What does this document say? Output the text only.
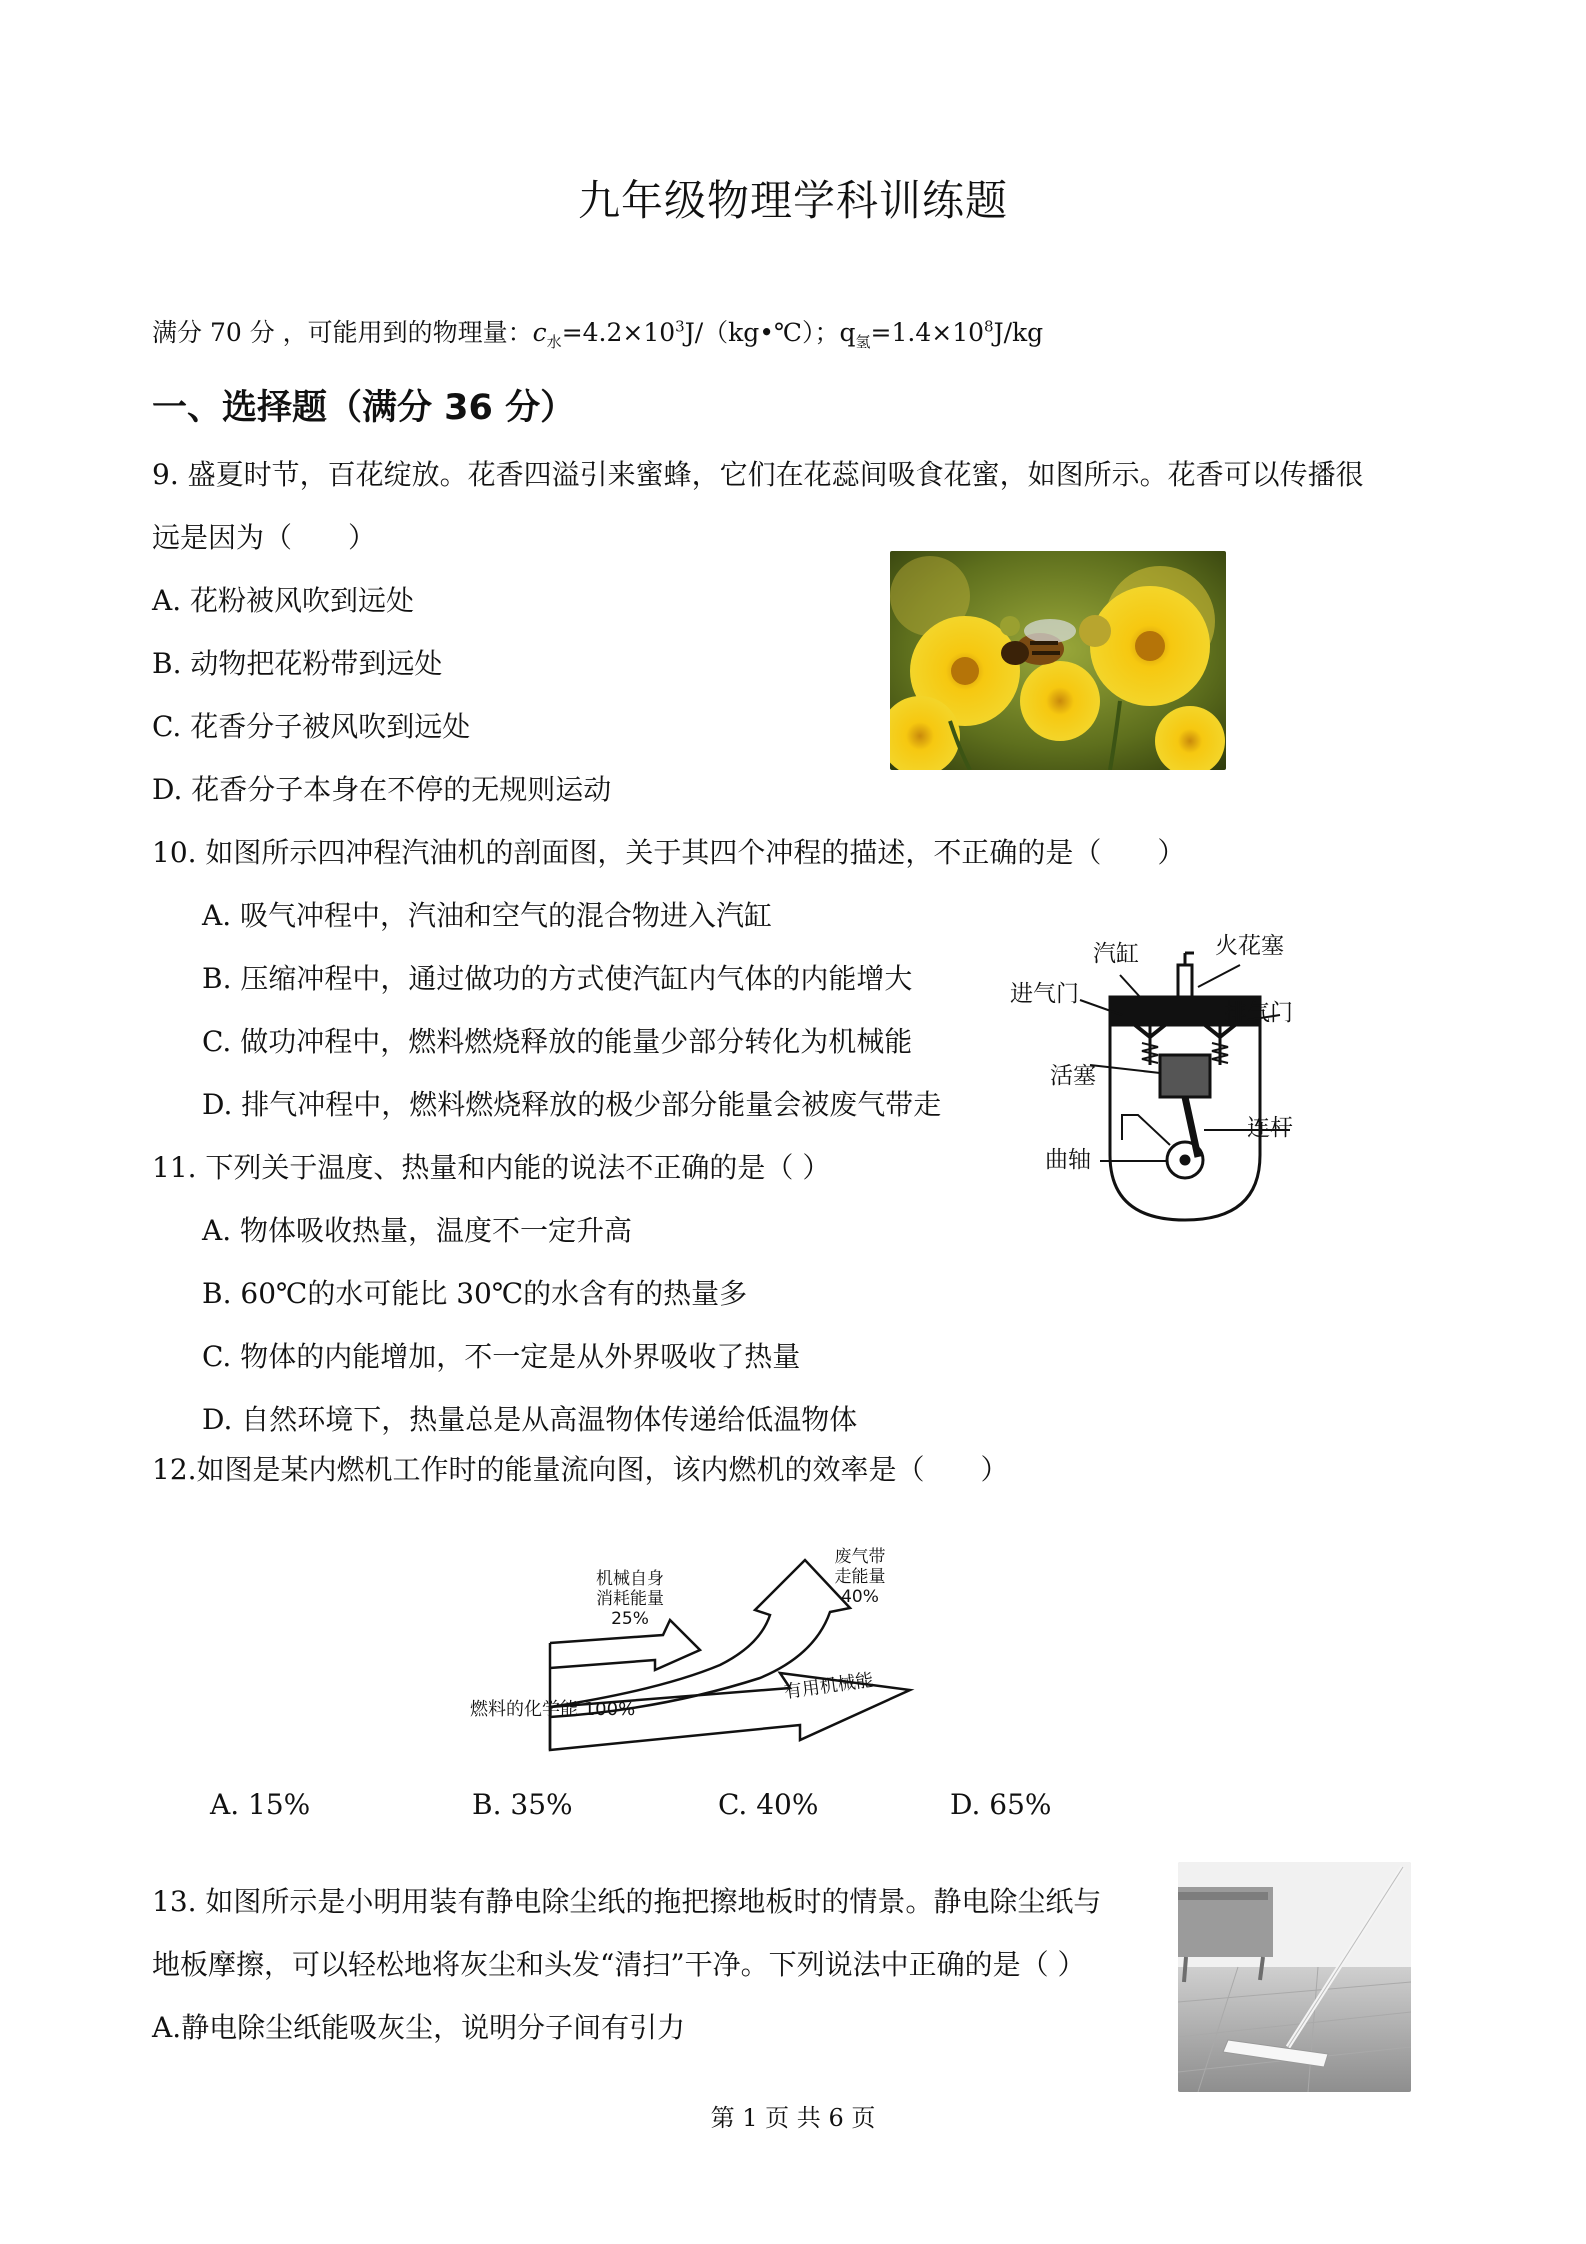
九年级物理学科训练题
满分 70 分 ，可能用到的物理量：$c_水=4.2\times 10^3J/(kg•℃)$；$q_氢=1.4\times 10^8J/kg$
一、选择题（满分 36 分）
9. 盛夏时节，百花绽放。花香四溢引来蜜蜂，它们在花蕊间吸食花蜜，如图所示。花香可以传播很
远是因为（　　）
A. 花粉被风吹到远处
B. 动物把花粉带到远处
C. 花香分子被风吹到远处
D. 花香分子本身在不停的无规则运动
10. 如图所示四冲程汽油机的剖面图，关于其四个冲程的描述，不正确的是（　　）
A. 吸气冲程中，汽油和空气的混合物进入汽缸
B. 压缩冲程中，通过做功的方式使汽缸内气体的内能增大
C. 做功冲程中，燃料燃烧释放的能量少部分转化为机械能
D. 排气冲程中，燃料燃烧释放的极少部分能量会被废气带走
汽缸	火花塞
进气门
排气门
活塞
连杆
曲轴
11. 下列关于温度、热量和内能的说法不正确的是（ ）
A. 物体吸收热量，温度不一定升高
B. 60℃的水可能比 30℃的水含有的热量多
C. 物体的内能增加，不一定是从外界吸收了热量
D. 自然环境下，热量总是从高温物体传递给低温物体
12.如图是某内燃机工作时的能量流向图，该内燃机的效率是（　　）
机械自身
消耗能量
25%
废气带
走能量
40%
燃料的化学能 100%
有用机械能
A. 15%	B. 35%	C. 40%	D. 65%
13. 如图所示是小明用装有静电除尘纸的拖把擦地板时的情景。静电除尘纸与
地板摩擦，可以轻松地将灰尘和头发“清扫”干净。下列说法中正确的是（ ）
A.静电除尘纸能吸灰尘，说明分子间有引力
第 1 页 共 6 页
